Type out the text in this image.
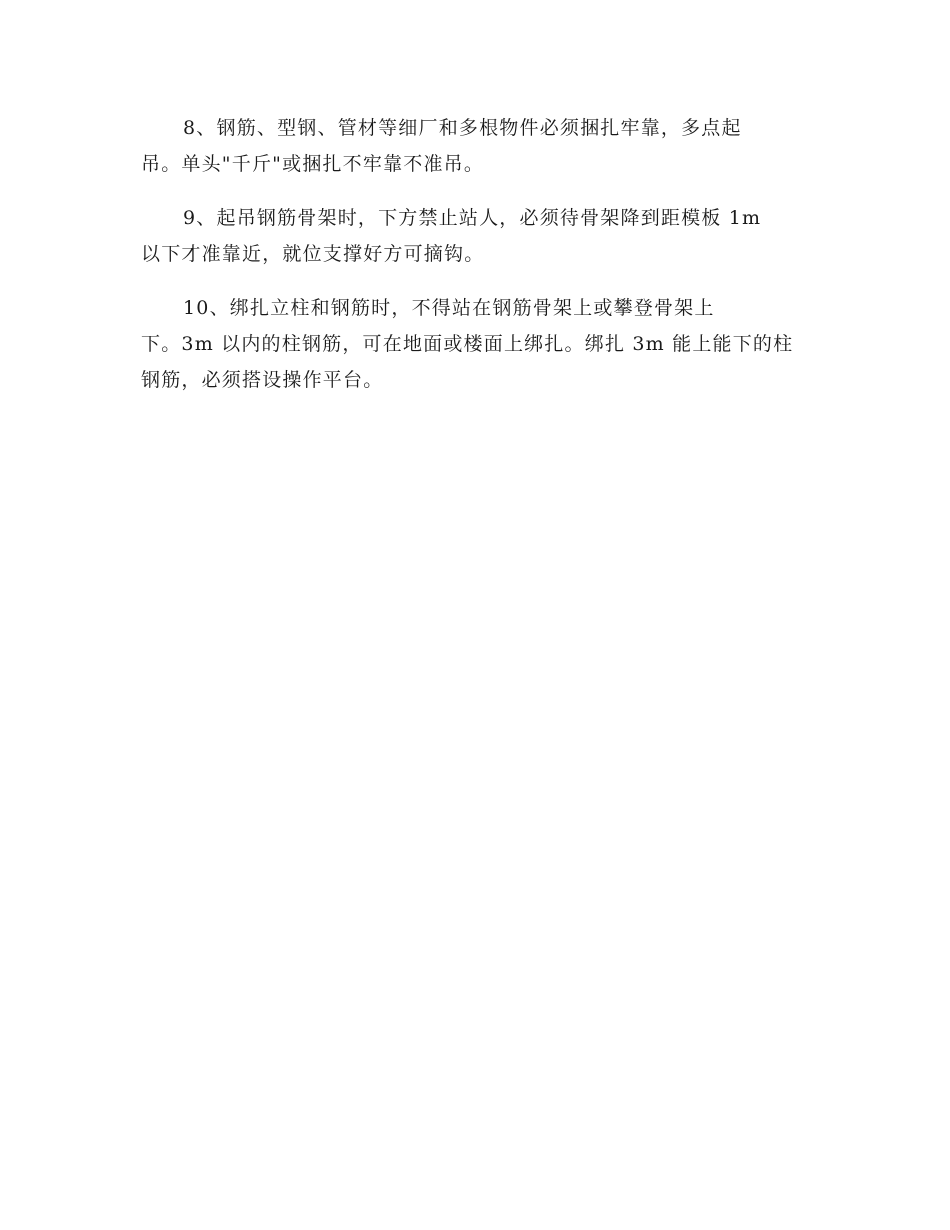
8、钢筋、型钢、管材等细厂和多根物件必须捆扎牢靠，多点起
吊。单头"千斤"或捆扎不牢靠不准吊。

9、起吊钢筋骨架时，下方禁止站人，必须待骨架降到距模板 1m
以下才准靠近，就位支撑好方可摘钩。

10、绑扎立柱和钢筋时，不得站在钢筋骨架上或攀登骨架上
下。3m 以内的柱钢筋，可在地面或楼面上绑扎。绑扎 3m 能上能下的柱
钢筋，必须搭设操作平台。
